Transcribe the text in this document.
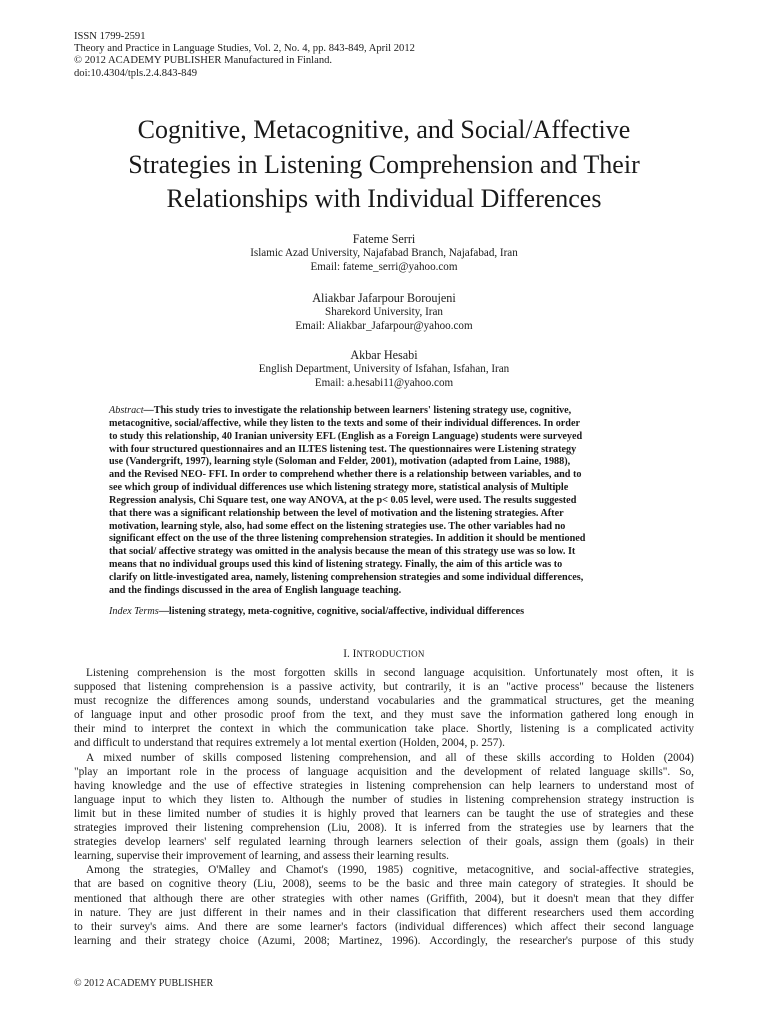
ISSN 1799-2591
Theory and Practice in Language Studies, Vol. 2, No. 4, pp. 843-849, April 2012
© 2012 ACADEMY PUBLISHER Manufactured in Finland.
doi:10.4304/tpls.2.4.843-849
Cognitive, Metacognitive, and Social/Affective
Strategies in Listening Comprehension and Their
Relationships with Individual Differences
Fateme Serri
Islamic Azad University, Najafabad Branch, Najafabad, Iran
Email: fateme_serri@yahoo.com
Aliakbar Jafarpour Boroujeni
Sharekord University, Iran
Email: Aliakbar_Jafarpour@yahoo.com
Akbar Hesabi
English Department, University of Isfahan, Isfahan, Iran
Email: a.hesabi11@yahoo.com
Abstract—This study tries to investigate the relationship between learners' listening strategy use, cognitive,
metacognitive, social/affective, while they listen to the texts and some of their individual differences. In order
to study this relationship, 40 Iranian university EFL (English as a Foreign Language) students were surveyed
with four structured questionnaires and an ILTES listening test. The questionnaires were Listening strategy
use (Vandergrift, 1997), learning style (Soloman and Felder, 2001), motivation (adapted from Laine, 1988),
and the Revised NEO- FFI. In order to comprehend whether there is a relationship between variables, and to
see which group of individual differences use which listening strategy more, statistical analysis of Multiple
Regression analysis, Chi Square test, one way ANOVA, at the p< 0.05 level, were used. The results suggested
that there was a significant relationship between the level of motivation and the listening strategies. After
motivation, learning style, also, had some effect on the listening strategies use. The other variables had no
significant effect on the use of the three listening comprehension strategies. In addition it should be mentioned
that social/ affective strategy was omitted in the analysis because the mean of this strategy use was so low. It
means that no individual groups used this kind of listening strategy. Finally, the aim of this article was to
clarify on little-investigated area, namely, listening comprehension strategies and some individual differences,
and the findings discussed in the area of English language teaching.
Index Terms—listening strategy, meta-cognitive, cognitive, social/affective, individual differences
I. INTRODUCTION
Listening comprehension is the most forgotten skills in second language acquisition. Unfortunately most often, it is
supposed that listening comprehension is a passive activity, but contrarily, it is an "active process" because the listeners
must recognize the differences among sounds, understand vocabularies and the grammatical structures, get the meaning
of language input and other prosodic proof from the text, and they must save the information gathered long enough in
their mind to interpret the context in which the communication take place. Shortly, listening is a complicated activity
and difficult to understand that requires extremely a lot mental exertion (Holden, 2004, p. 257).
A mixed number of skills composed listening comprehension, and all of these skills according to Holden (2004)
"play an important role in the process of language acquisition and the development of related language skills". So,
having knowledge and the use of effective strategies in listening comprehension can help learners to understand most of
language input to which they listen to. Although the number of studies in listening comprehension strategy instruction is
limit but in these limited number of studies it is highly proved that learners can be taught the use of strategies and these
strategies improved their listening comprehension (Liu, 2008). It is inferred from the strategies use by learners that the
strategies develop learners' self regulated learning through learners selection of their goals, assign them (goals) in their
learning, supervise their improvement of learning, and assess their learning results.
Among the strategies, O'Malley and Chamot's (1990, 1985) cognitive, metacognitive, and social-affective strategies,
that are based on cognitive theory (Liu, 2008), seems to be the basic and three main category of strategies. It should be
mentioned that although there are other strategies with other names (Griffith, 2004), but it doesn't mean that they differ
in nature. They are just different in their names and in their classification that different researchers used them according
to their survey's aims. And there are some learner's factors (individual differences) which affect their second language
learning and their strategy choice (Azumi, 2008; Martinez, 1996). Accordingly, the researcher's purpose of this study
© 2012 ACADEMY PUBLISHER
